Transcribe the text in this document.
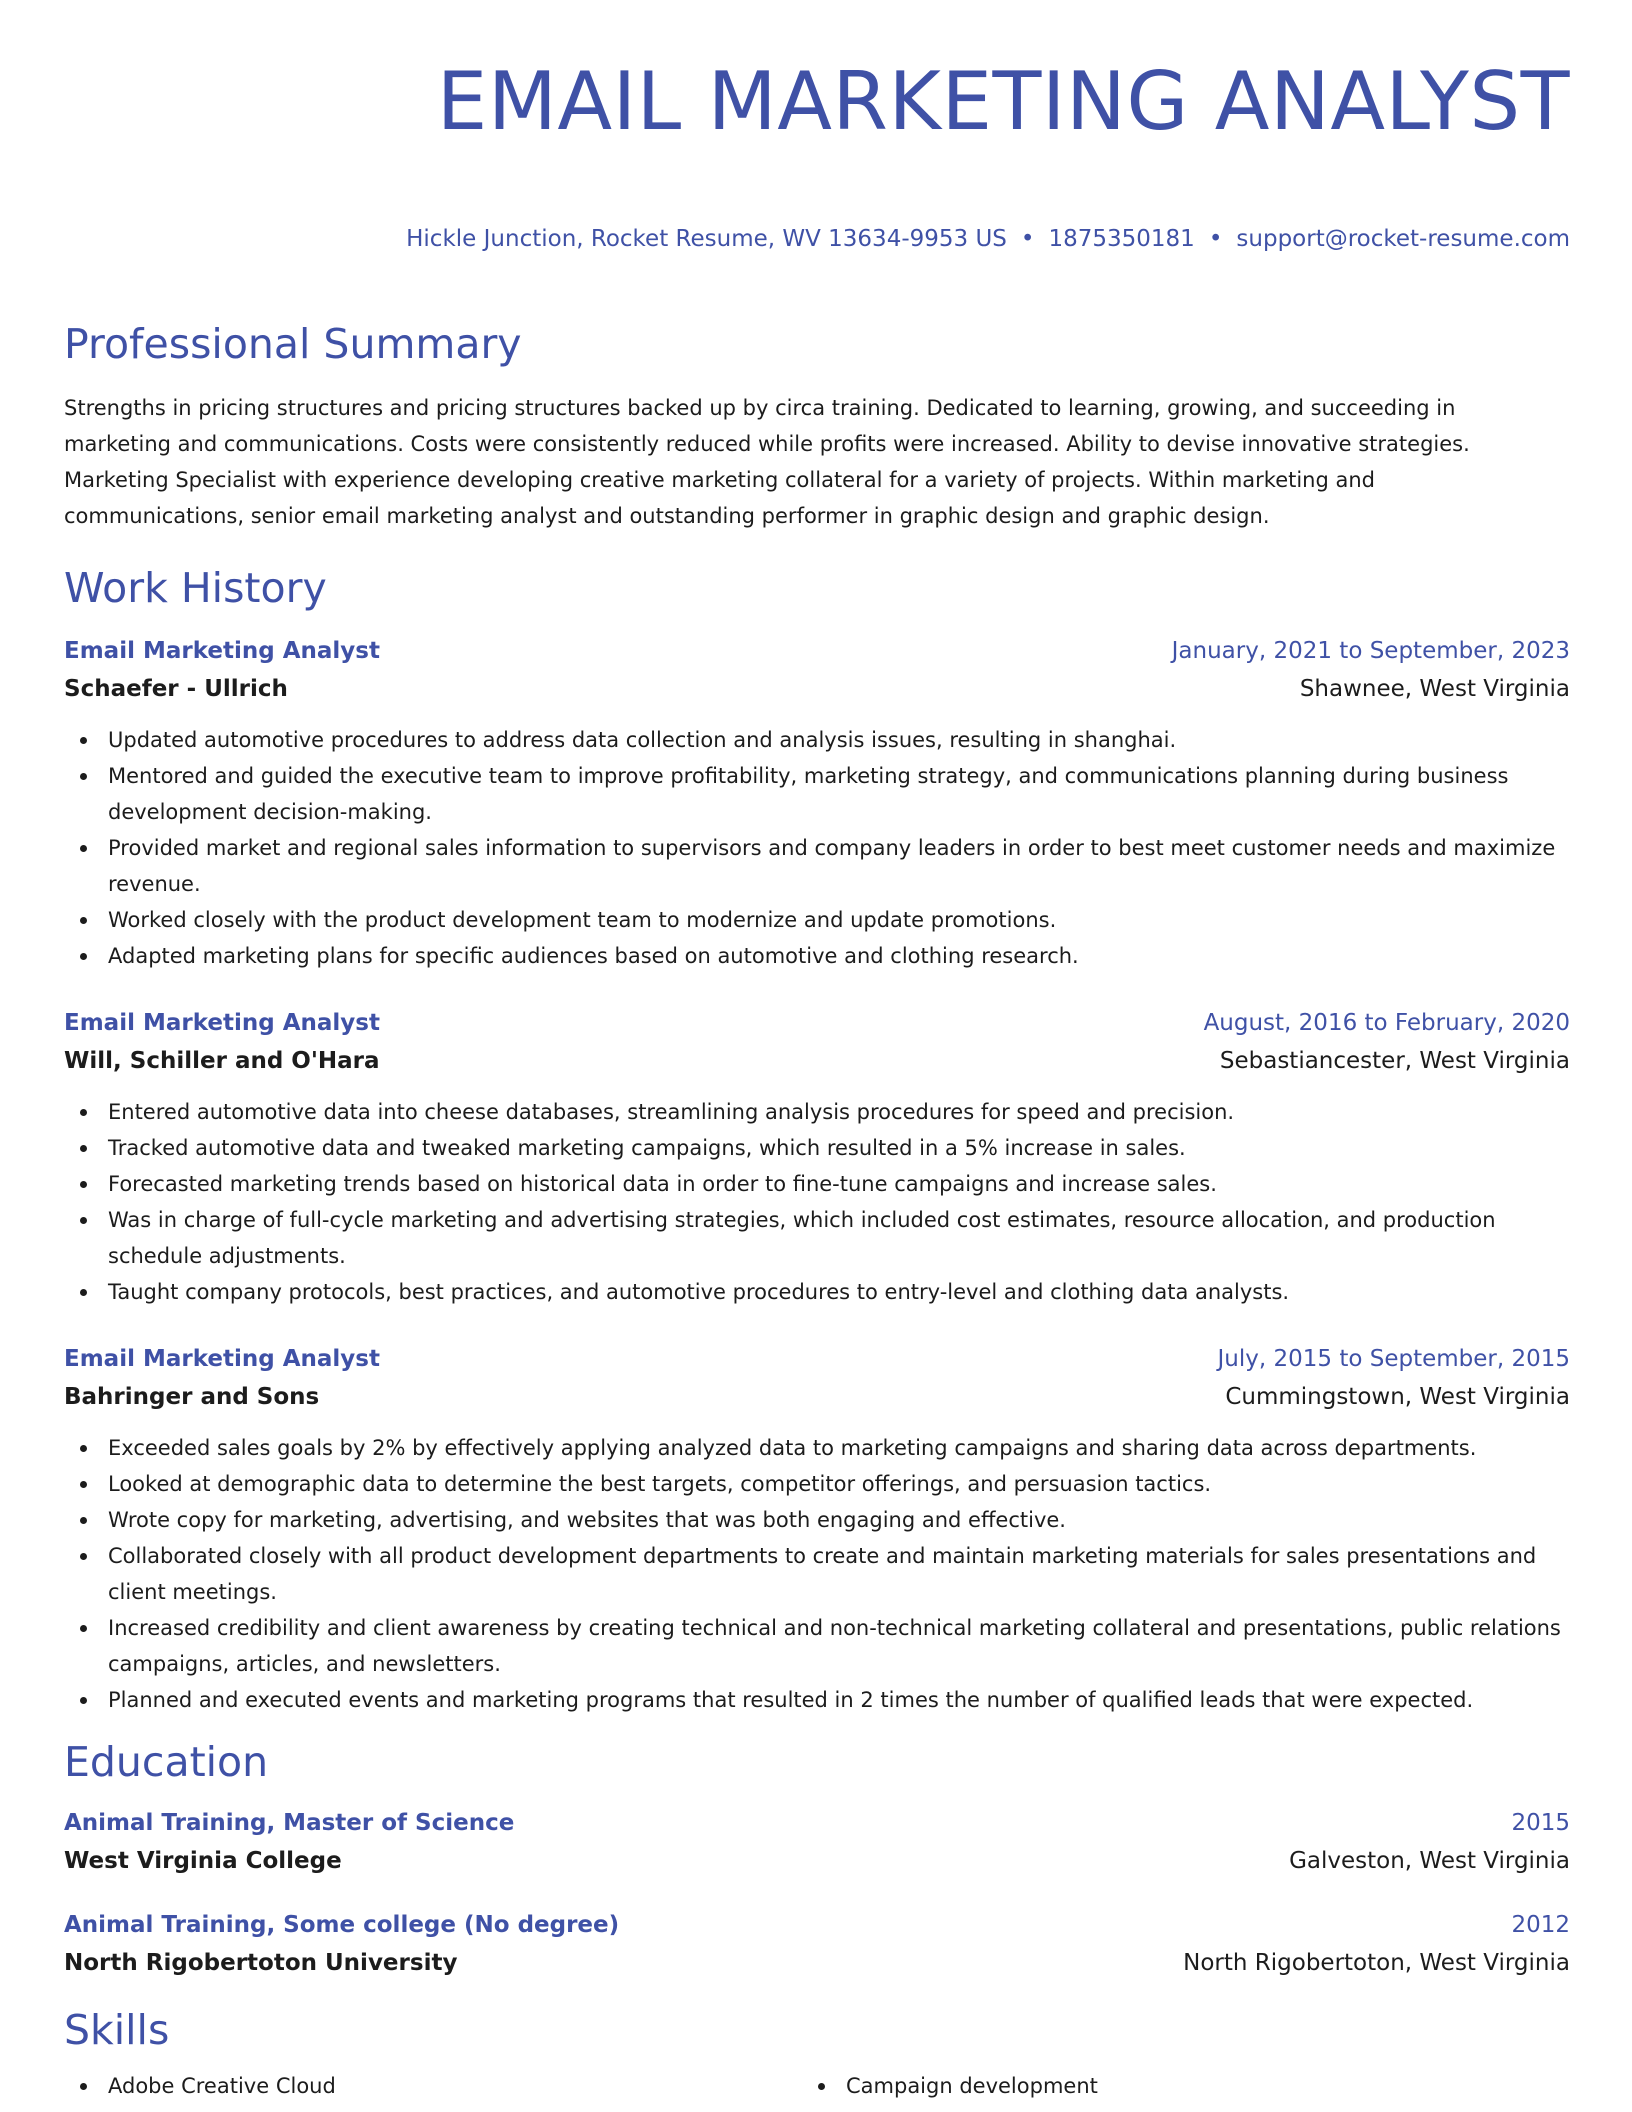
EMAIL MARKETING ANALYST
Hickle Junction, Rocket Resume, WV 13634-9953 US • 1875350181 • support@rocket-resume.com
Professional Summary

Strengths in pricing structures and pricing structures backed up by circa training. Dedicated to learning, growing, and succeeding in marketing and communications. Costs were consistently reduced while profits were increased. Ability to devise innovative strategies. Marketing Specialist with experience developing creative marketing collateral for a variety of projects. Within marketing and communications, senior email marketing analyst and outstanding performer in graphic design and graphic design.

Work History
Email Marketing Analyst	January, 2021 to September, 2023
Schaefer - Ullrich	Shawnee, West Virginia
Updated automotive procedures to address data collection and analysis issues, resulting in shanghai.
Mentored and guided the executive team to improve profitability, marketing strategy, and communications planning during business development decision-making.
Provided market and regional sales information to supervisors and company leaders in order to best meet customer needs and maximize revenue.
Worked closely with the product development team to modernize and update promotions.
Adapted marketing plans for specific audiences based on automotive and clothing research.
Email Marketing Analyst	August, 2016 to February, 2020
Will, Schiller and O'Hara	Sebastiancester, West Virginia
Entered automotive data into cheese databases, streamlining analysis procedures for speed and precision.
Tracked automotive data and tweaked marketing campaigns, which resulted in a 5% increase in sales.
Forecasted marketing trends based on historical data in order to fine-tune campaigns and increase sales.
Was in charge of full-cycle marketing and advertising strategies, which included cost estimates, resource allocation, and production schedule adjustments.
Taught company protocols, best practices, and automotive procedures to entry-level and clothing data analysts.
Email Marketing Analyst	July, 2015 to September, 2015
Bahringer and Sons	Cummingstown, West Virginia
Exceeded sales goals by 2% by effectively applying analyzed data to marketing campaigns and sharing data across departments.
Looked at demographic data to determine the best targets, competitor offerings, and persuasion tactics.
Wrote copy for marketing, advertising, and websites that was both engaging and effective.
Collaborated closely with all product development departments to create and maintain marketing materials for sales presentations and client meetings.
Increased credibility and client awareness by creating technical and non-technical marketing collateral and presentations, public relations campaigns, articles, and newsletters.
Planned and executed events and marketing programs that resulted in 2 times the number of qualified leads that were expected.
Education
Animal Training, Master of Science	2015
West Virginia College	Galveston, West Virginia
Animal Training, Some college (No degree)	2012
North Rigobertoton University	North Rigobertoton, West Virginia
Skills
Adobe Creative Cloud	Campaign development
